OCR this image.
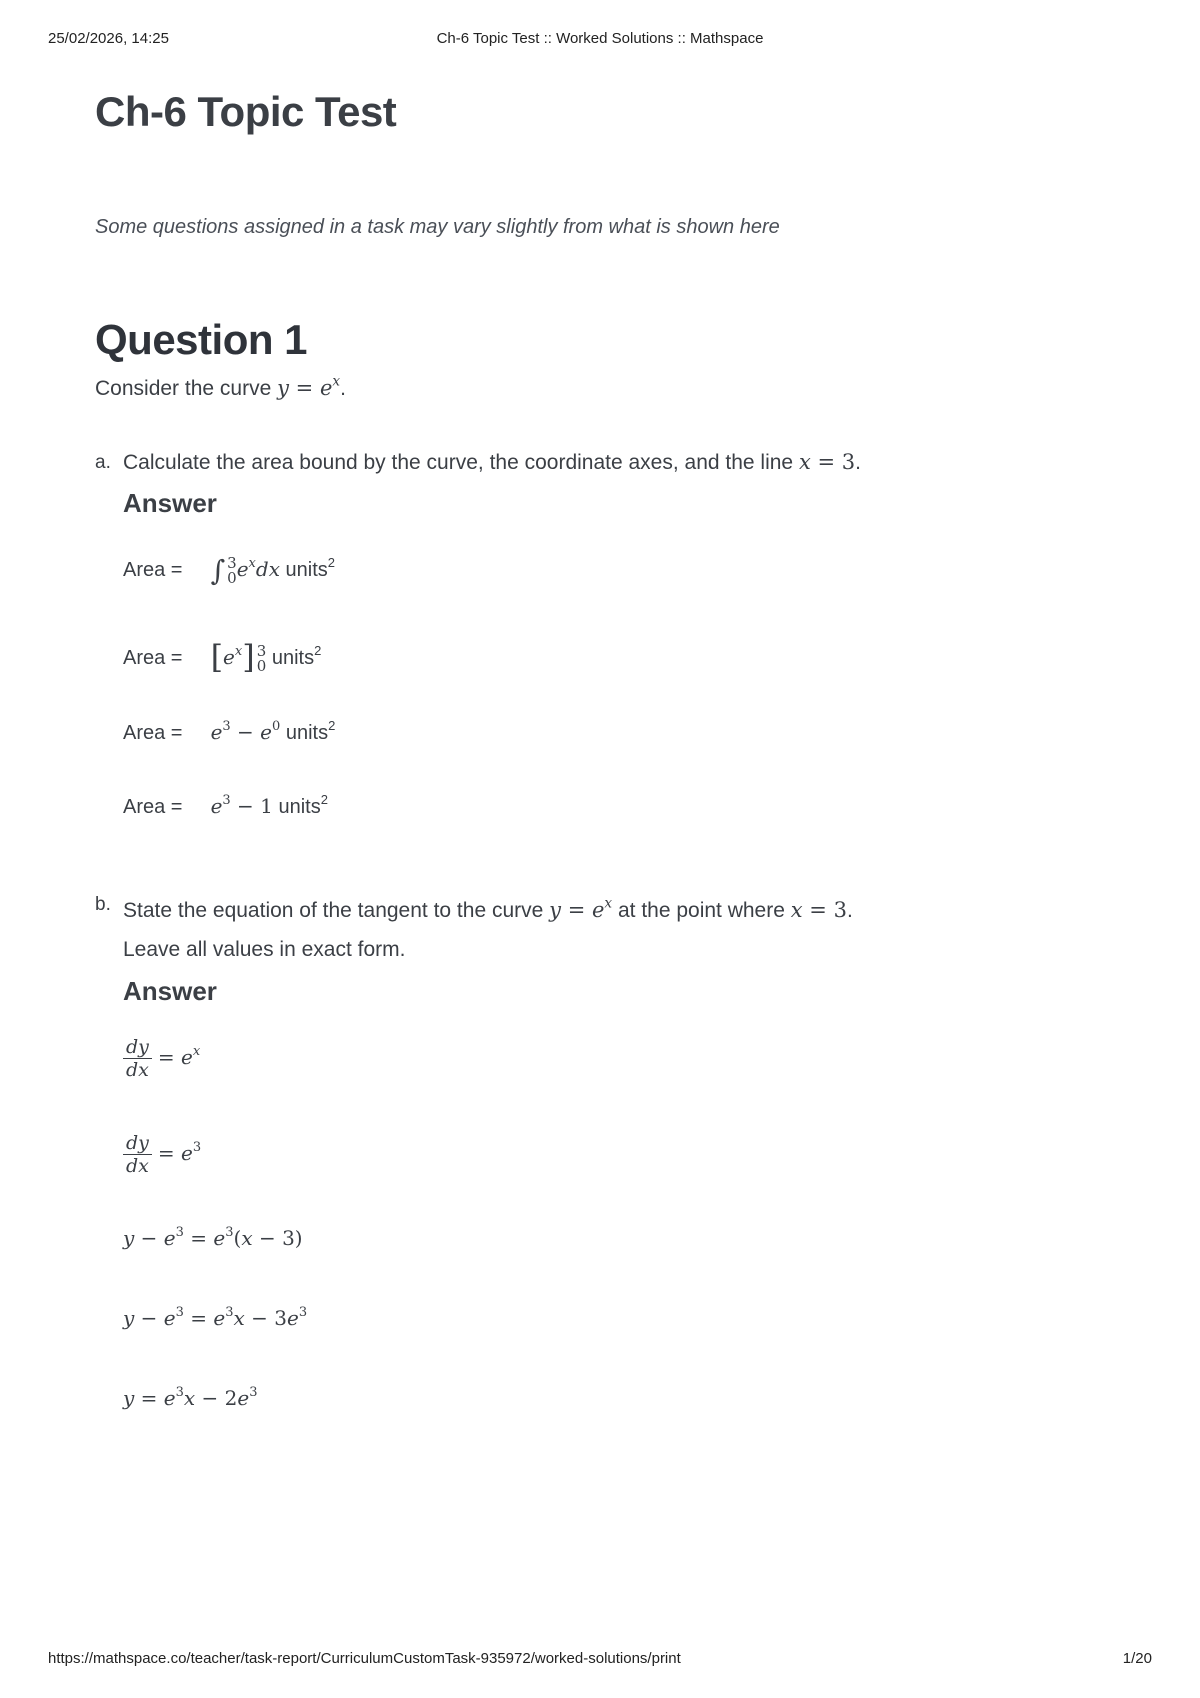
25/02/2026, 14:25	Ch-6 Topic Test :: Worked Solutions :: Mathspace
Ch-6 Topic Test
Some questions assigned in a task may vary slightly from what is shown here
Question 1
Consider the curve $y = e^x$.
a. Calculate the area bound by the curve, the coordinate axes, and the line x = 3.
Answer
Area = ∫ 3
0 $e^xdx$ units$^2$
Area = $[e^x]$ 3
0 units$^2$
Area = $e^3 - e^0$ units$^2$
Area = $e^3 - 1$ units$^2$
b. State the equation of the tangent to the curve $y = e^x$ at the point where x = 3.
Leave all values in exact form.
Answer
$\frac{dy}{dx} = e^x$
$\frac{dy}{dx} = e^3$
$y - e^3 = e^3(x - 3)$
$y - e^3 = e^3x - 3e^3$
$y = e^3x - 2e^3$
https://mathspace.co/teacher/task-report/CurriculumCustomTask-935972/worked-solutions/print	1/20
